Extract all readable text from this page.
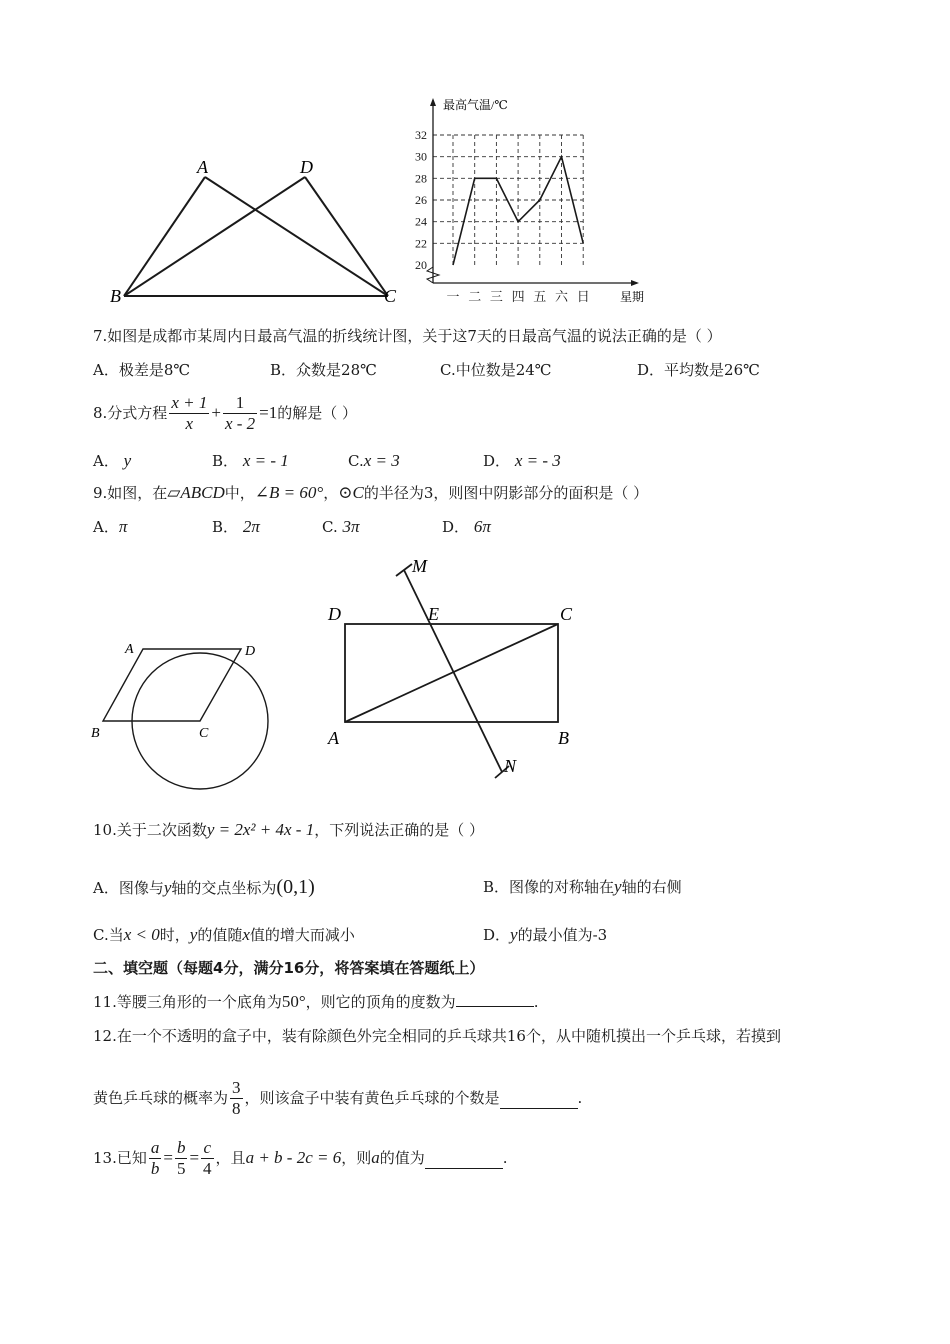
A	D
B	C
32
30
28
26
24
22
20
一 二 三 四 五 六 日
最高气温/℃
星期
7.如图是成都市某周内日最高气温的折线统计图，关于这7天的日最高气温的说法正确的是（ ）
A．极差是8℃	B．众数是28℃	C.中位数是24℃	D．平均数是26℃
8.分式方程 $\frac{x + 1}{x} + \frac{1}{x - 2} =1$ 的解是（ ）
A． y	B． x = - 1	C.x = 3	D． x = - 3
9.如图，在▱ABCD中，∠B = 60°，⊙C的半径为3，则图中阴影部分的面积是（ ）
A．π	B． 2π	C. 3π	D． 6π
A	D
B	C
M
D	E	C
A	B
N
10.关于二次函数y = 2x² + 4x - 1，下列说法正确的是（ ）
A．图像与y轴的交点坐标为(0,1)	B．图像的对称轴在y轴的右侧
C.当x < 0时，y的值随x值的增大而减小	D．y的最小值为-3
二、填空题（每题4分，满分16分，将答案填在答题纸上）
11.等腰三角形的一个底角为50°，则它的顶角的度数为	.
12.在一个不透明的盒子中，装有除颜色外完全相同的乒乓球共16个，从中随机摸出一个乒乓球，若摸到
黄色乒乓球的概率为 $\frac{3}{8}$ ，则该盒子中装有黄色乒乓球的个数是	.
13.已知 $\frac{a}{b} = \frac{b}{5} = \frac{c}{4}$ ，且 a + b - 2c = 6 ，则 a 的值为	.
